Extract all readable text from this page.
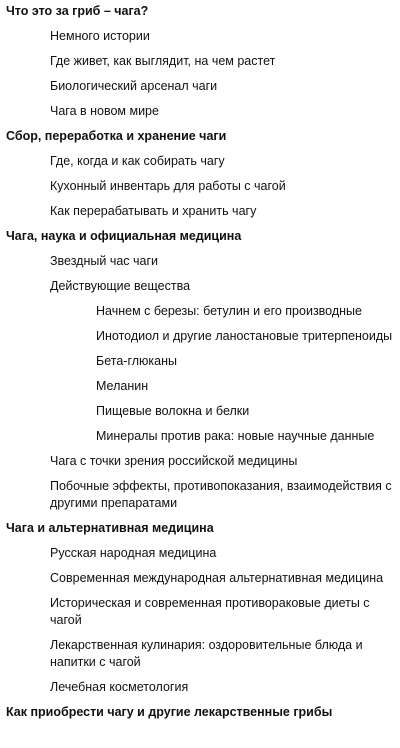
Что это за гриб – чага?

Немного истории

Где живет, как выглядит, на чем растет

Биологический арсенал чаги

Чага в новом мире

Сбор, переработка и хранение чаги

Где, когда и как собирать чагу

Кухонный инвентарь для работы с чагой

Как перерабатывать и хранить чагу

Чага, наука и официальная медицина

Звездный час чаги

Действующие вещества

Начнем с березы: бетулин и его производные

Инотодиол и другие ланостановые тритерпеноиды

Бета-глюканы

Меланин

Пищевые волокна и белки

Минералы против рака: новые научные данные

Чага с точки зрения российской медицины

Побочные эффекты, противопоказания, взаимодействия с другими препаратами

Чага и альтернативная медицина

Русская народная медицина

Современная международная альтернативная медицина

Историческая и современная противораковые диеты с чагой

Лекарственная кулинария: оздоровительные блюда и напитки с чагой

Лечебная косметология

Как приобрести чагу и другие лекарственные грибы
